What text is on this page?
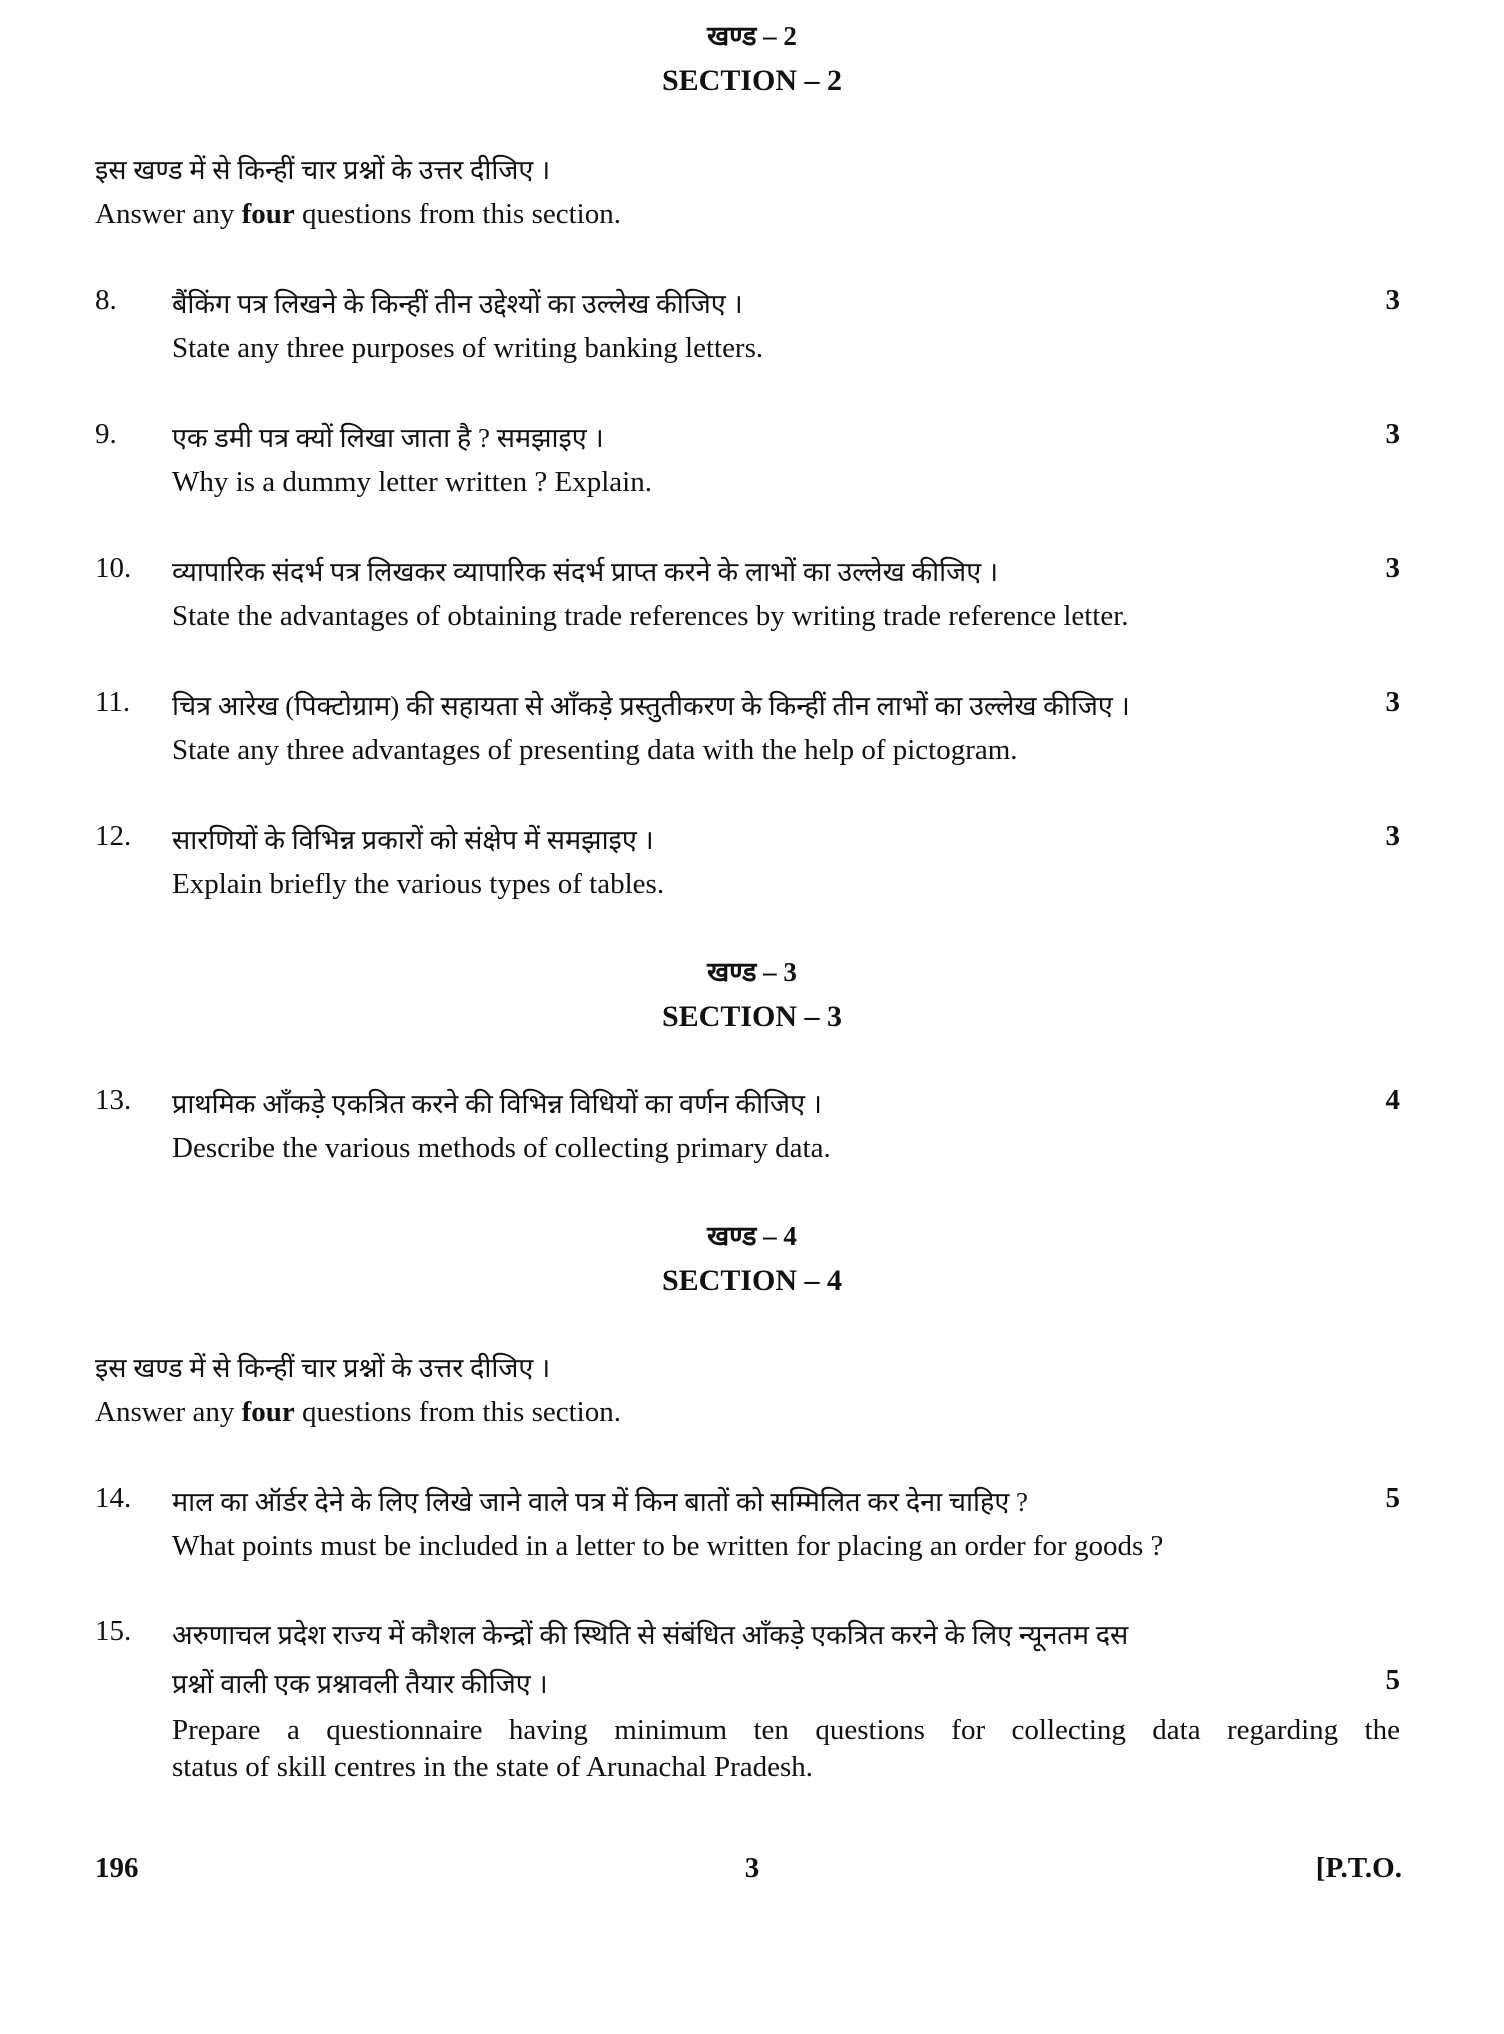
खण्ड – 2
SECTION – 2
इस खण्ड में से किन्हीं चार प्रश्नों के उत्तर दीजिए ।
Answer any four questions from this section.
8. बैंकिंग पत्र लिखने के किन्हीं तीन उद्देश्यों का उल्लेख कीजिए ।	3
State any three purposes of writing banking letters.
9. एक डमी पत्र क्यों लिखा जाता है ? समझाइए ।	3
Why is a dummy letter written ? Explain.
10. व्यापारिक संदर्भ पत्र लिखकर व्यापारिक संदर्भ प्राप्त करने के लाभों का उल्लेख कीजिए ।	3
State the advantages of obtaining trade references by writing trade reference letter.
11. चित्र आरेख (पिक्टोग्राम) की सहायता से आँकड़े प्रस्तुतीकरण के किन्हीं तीन लाभों का उल्लेख कीजिए ।	3
State any three advantages of presenting data with the help of pictogram.
12. सारणियों के विभिन्न प्रकारों को संक्षेप में समझाइए ।	3
Explain briefly the various types of tables.
खण्ड – 3
SECTION – 3
13. प्राथमिक आँकड़े एकत्रित करने की विभिन्न विधियों का वर्णन कीजिए ।	4
Describe the various methods of collecting primary data.
खण्ड – 4
SECTION – 4
इस खण्ड में से किन्हीं चार प्रश्नों के उत्तर दीजिए ।
Answer any four questions from this section.
14. माल का ऑर्डर देने के लिए लिखे जाने वाले पत्र में किन बातों को सम्मिलित कर देना चाहिए ?	5
What points must be included in a letter to be written for placing an order for goods ?
15. अरुणाचल प्रदेश राज्य में कौशल केन्द्रों की स्थिति से संबंधित आँकड़े एकत्रित करने के लिए न्यूनतम दस
प्रश्नों वाली एक प्रश्नावली तैयार कीजिए ।	5
Prepare a questionnaire having minimum ten questions for collecting data regarding the
status of skill centres in the state of Arunachal Pradesh.
196	3	[P.T.O.
